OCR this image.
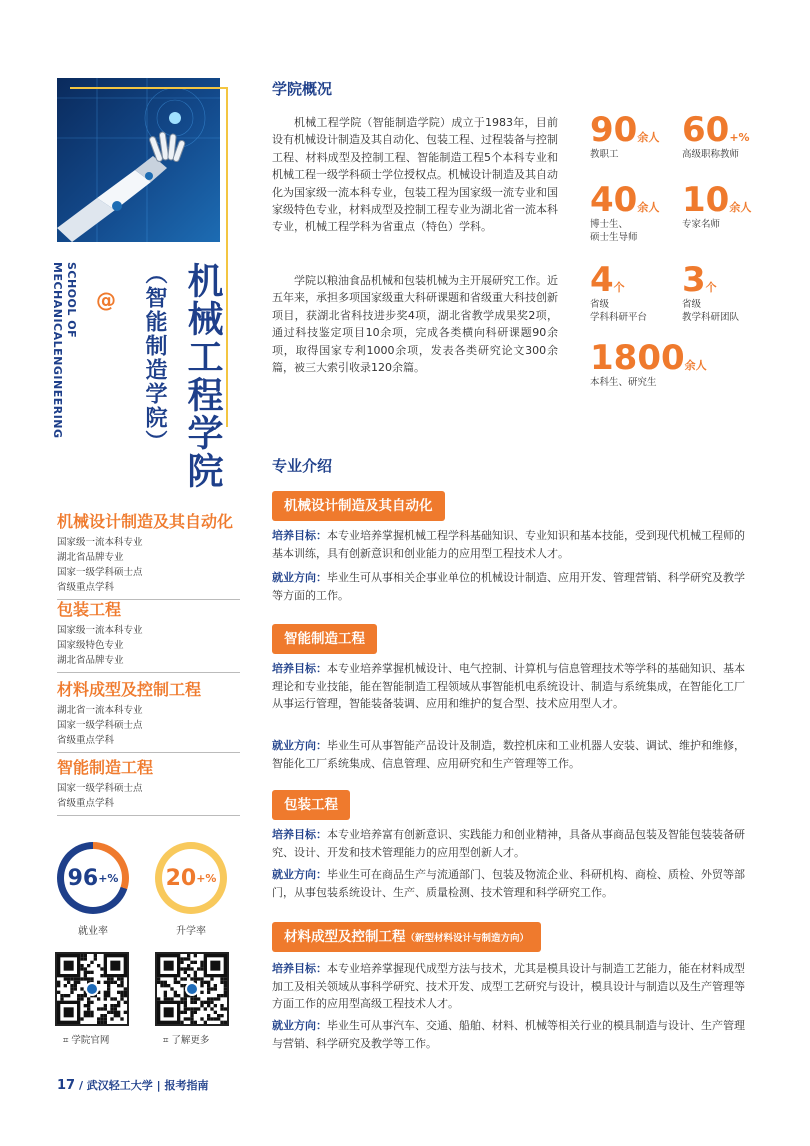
SCHOOL OF
MECHANICALENGINEERING	@ 机械工程学院
（智能制造学院）
机械设计制造及其自动化
国家级一流本科专业
湖北省品牌专业
国家一级学科硕士点
省级重点学科
包装工程
国家级一流本科专业
国家级特色专业
湖北省品牌专业
材料成型及控制工程
湖北省一流本科专业
国家一级学科硕士点
省级重点学科
智能制造工程
国家一级学科硕士点
省级重点学科
96 + %
就业率
20 + %
升学率
⌗ 学院官网	⌗ 了解更多
学院概况
机械工程学院（智能制造学院）成立于1983年，目前设有机械设计制造及其自动化、包装工程、过程装备与控制工程、材料成型及控制工程、智能制造工程5个本科专业和机械工程一级学科硕士学位授权点。机械设计制造及其自动化为国家级一流本科专业，包装工程为国家级一流专业和国家级特色专业，材料成型及控制工程专业为湖北省一流本科专业，机械工程学科为省重点（特色）学科。
学院以粮油食品机械和包装机械为主开展研究工作。近五年来，承担多项国家级重大科研课题和省级重大科技创新项目，获湖北省科技进步奖4项，湖北省教学成果奖2项，通过科技鉴定项目10余项，完成各类横向科研课题90余项，取得国家专利1000余项，发表各类研究论文300余篇，被三大索引收录120余篇。
90余人
教职工
60+%
高级职称教师
40余人
博士生、
硕士生导师
10余人
专家名师
4个
省级
学科科研平台
3个
省级
教学科研团队
1800余人
本科生、研究生
专业介绍
机械设计制造及其自动化
培养目标：本专业培养掌握机械工程学科基础知识、专业知识和基本技能，受到现代机械工程师的基本训练，具有创新意识和创业能力的应用型工程技术人才。
就业方向：毕业生可从事相关企事业单位的机械设计制造、应用开发、管理营销、科学研究及教学等方面的工作。
智能制造工程
培养目标：本专业培养掌握机械设计、电气控制、计算机与信息管理技术等学科的基础知识、基本理论和专业技能，能在智能制造工程领域从事智能机电系统设计、制造与系统集成，在智能化工厂从事运行管理，智能装备装调、应用和维护的复合型、技术应用型人才。
就业方向：毕业生可从事智能产品设计及制造，数控机床和工业机器人安装、调试、维护和维修，智能化工厂系统集成、信息管理、应用研究和生产管理等工作。
包装工程
培养目标：本专业培养富有创新意识、实践能力和创业精神，具备从事商品包装及智能包装装备研究、设计、开发和技术管理能力的应用型创新人才。
就业方向：毕业生可在商品生产与流通部门、包装及物流企业、科研机构、商检、质检、外贸等部门，从事包装系统设计、生产、质量检测、技术管理和科学研究工作。
材料成型及控制工程（新型材料设计与制造方向）
培养目标：本专业培养掌握现代成型方法与技术，尤其是模具设计与制造工艺能力，能在材料成型加工及相关领域从事科学研究、技术开发、成型工艺研究与设计，模具设计与制造以及生产管理等方面工作的应用型高级工程技术人才。
就业方向：毕业生可从事汽车、交通、船舶、材料、机械等相关行业的模具制造与设计、生产管理与营销、科学研究及教学等工作。
17 / 武汉轻工大学 | 报考指南
